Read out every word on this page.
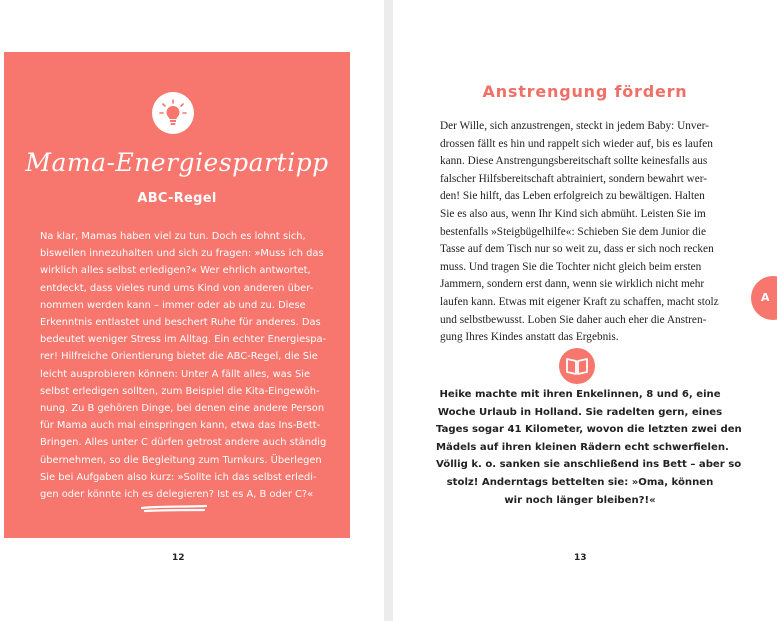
Mama-Energiespartipp
ABC-Regel

Na klar, Mamas haben viel zu tun. Doch es lohnt sich,
bisweilen innezuhalten und sich zu fragen: »Muss ich das
wirklich alles selbst erledigen?« Wer ehrlich antwortet,
entdeckt, dass vieles rund ums Kind von anderen über-
nommen werden kann – immer oder ab und zu. Diese
Erkenntnis entlastet und beschert Ruhe für anderes. Das
bedeutet weniger Stress im Alltag. Ein echter Energiespa-
rer! Hilfreiche Orientierung bietet die ABC-Regel, die Sie
leicht ausprobieren können: Unter A fällt alles, was Sie
selbst erledigen sollten, zum Beispiel die Kita-Eingewöh-
nung. Zu B gehören Dinge, bei denen eine andere Person
für Mama auch mal einspringen kann, etwa das Ins-Bett-
Bringen. Alles unter C dürfen getrost andere auch ständig
übernehmen, so die Begleitung zum Turnkurs. Überlegen
Sie bei Aufgaben also kurz: »Sollte ich das selbst erledi-
gen oder könnte ich es delegieren? Ist es A, B oder C?«

12
Anstrengung fördern

Der Wille, sich anzustrengen, steckt in jedem Baby: Unver-
drossen fällt es hin und rappelt sich wieder auf, bis es laufen
kann. Diese Anstrengungsbereitschaft sollte keinesfalls aus
falscher Hilfsbereitschaft abtrainiert, sondern bewahrt wer-
den! Sie hilft, das Leben erfolgreich zu bewältigen. Halten
Sie es also aus, wenn Ihr Kind sich abmüht. Leisten Sie im
bestenfalls »Steigbügelhilfe«: Schieben Sie dem Junior die
Tasse auf dem Tisch nur so weit zu, dass er sich noch recken
muss. Und tragen Sie die Tochter nicht gleich beim ersten
Jammern, sondern erst dann, wenn sie wirklich nicht mehr
laufen kann. Etwas mit eigener Kraft zu schaffen, macht stolz
und selbstbewusst. Loben Sie daher auch eher die Anstren-
gung Ihres Kindes anstatt das Ergebnis.

Heike machte mit ihren Enkelinnen, 8 und 6, eine
Woche Urlaub in Holland. Sie radelten gern, eines
Tages sogar 41 Kilometer, wovon die letzten zwei den
Mädels auf ihren kleinen Rädern echt schwerfielen.
Völlig k. o. sanken sie anschließend ins Bett – aber so
stolz! Anderntags bettelten sie: »Oma, können
wir noch länger bleiben?!«

13
A
